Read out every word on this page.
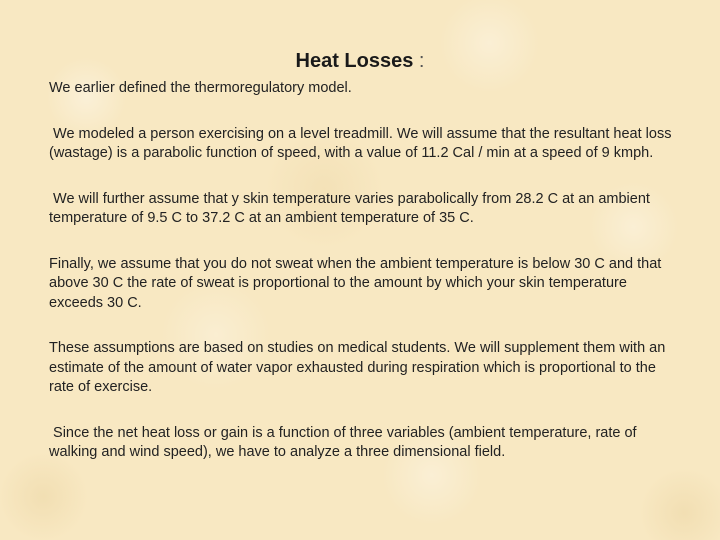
Heat Losses :

We earlier defined the thermoregulatory model.

We modeled a person exercising on a level treadmill. We will assume that the resultant heat loss (wastage) is a parabolic function of speed, with a value of 11.2 Cal / min at a speed of 9 kmph.

We will further assume that y skin temperature varies parabolically from 28.2 C at an ambient temperature of 9.5 C to 37.2 C at an ambient temperature of 35 C.

Finally, we assume that you do not sweat when the ambient temperature is below 30 C and that above 30 C the rate of sweat is proportional to the amount by which your skin temperature exceeds 30 C.

These assumptions are based on studies on medical students. We will supplement them with an estimate of the amount of water vapor exhausted during respiration which is proportional to the rate of exercise.

Since the net heat loss or gain is a function of three variables (ambient temperature, rate of walking and wind speed), we have to analyze a three dimensional field.
